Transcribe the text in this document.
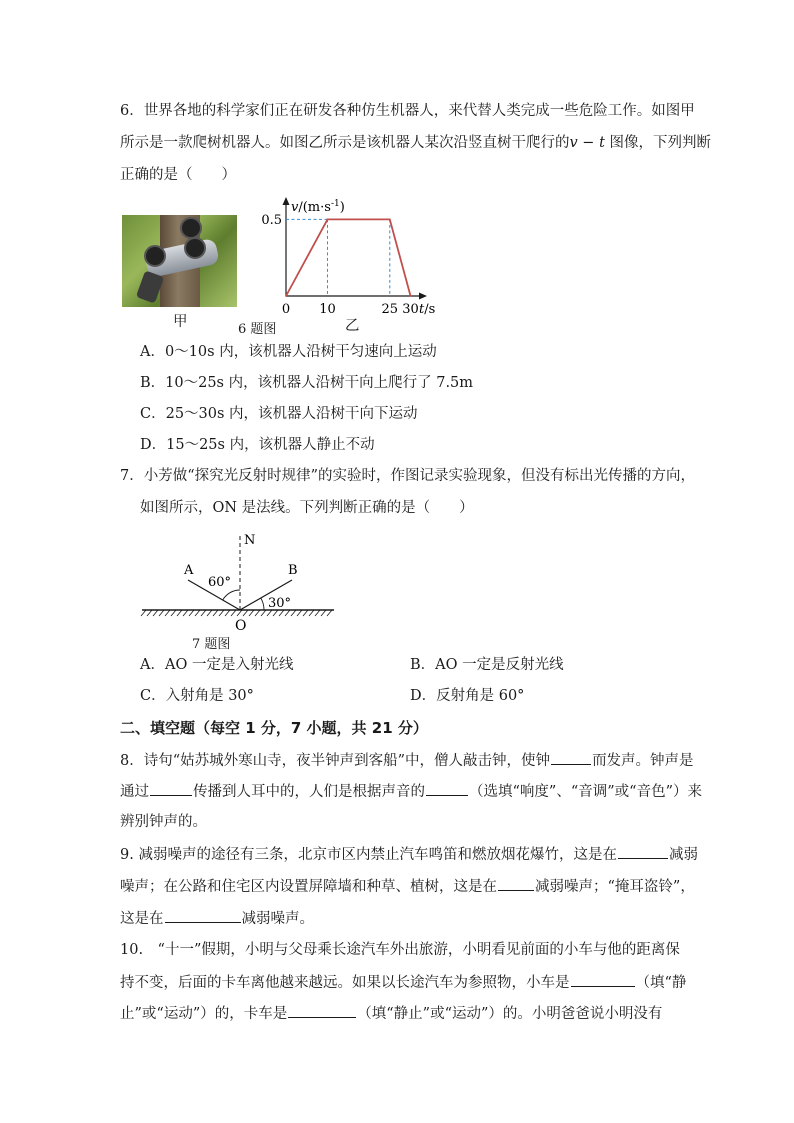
6．世界各地的科学家们正在研发各种仿生机器人，来代替人类完成一些危险工作。如图甲
所示是一款爬树机器人。如图乙所示是该机器人某次沿竖直树干爬行的v − t 图像，下列判断
正确的是（　　）
甲	6 题图	乙
$v/(m\cdot s^{-1})$
0.5
0 10	25 30 t/s
A．0～10s 内，该机器人沿树干匀速向上运动
B．10～25s 内，该机器人沿树干向上爬行了 7.5m
C．25～30s 内，该机器人沿树干向下运动
D．15～25s 内，该机器人静止不动
7．小芳做“探究光反射时规律”的实验时，作图记录实验现象，但没有标出光传播的方向，
如图所示，ON 是法线。下列判断正确的是（　　）
N
A	B
O
60°
30°
7 题图
A．AO 一定是入射光线	B．AO 一定是反射光线
C．入射角是 30°	D．反射角是 60°
二、填空题（每空 1 分，7 小题，共 21 分）
8．诗句“姑苏城外寒山寺，夜半钟声到客船”中，僧人敲击钟，使钟	而发声。钟声是
通过	传播到人耳中的，人们是根据声音的	（选填“响度”、“音调”或“音色”）来
辨别钟声的。
9. 减弱噪声的途径有三条，北京市区内禁止汽车鸣笛和燃放烟花爆竹，这是在	减弱
噪声；在公路和住宅区内设置屏障墙和种草、植树，这是在	减弱噪声；“掩耳盗铃”，
这是在	减弱噪声。
10.　“十一”假期，小明与父母乘长途汽车外出旅游，小明看见前面的小车与他的距离保
持不变，后面的卡车离他越来越远。如果以长途汽车为参照物，小车是	（填“静
止”或“运动”）的，卡车是	（填“静止”或“运动”）的。小明爸爸说小明没有
